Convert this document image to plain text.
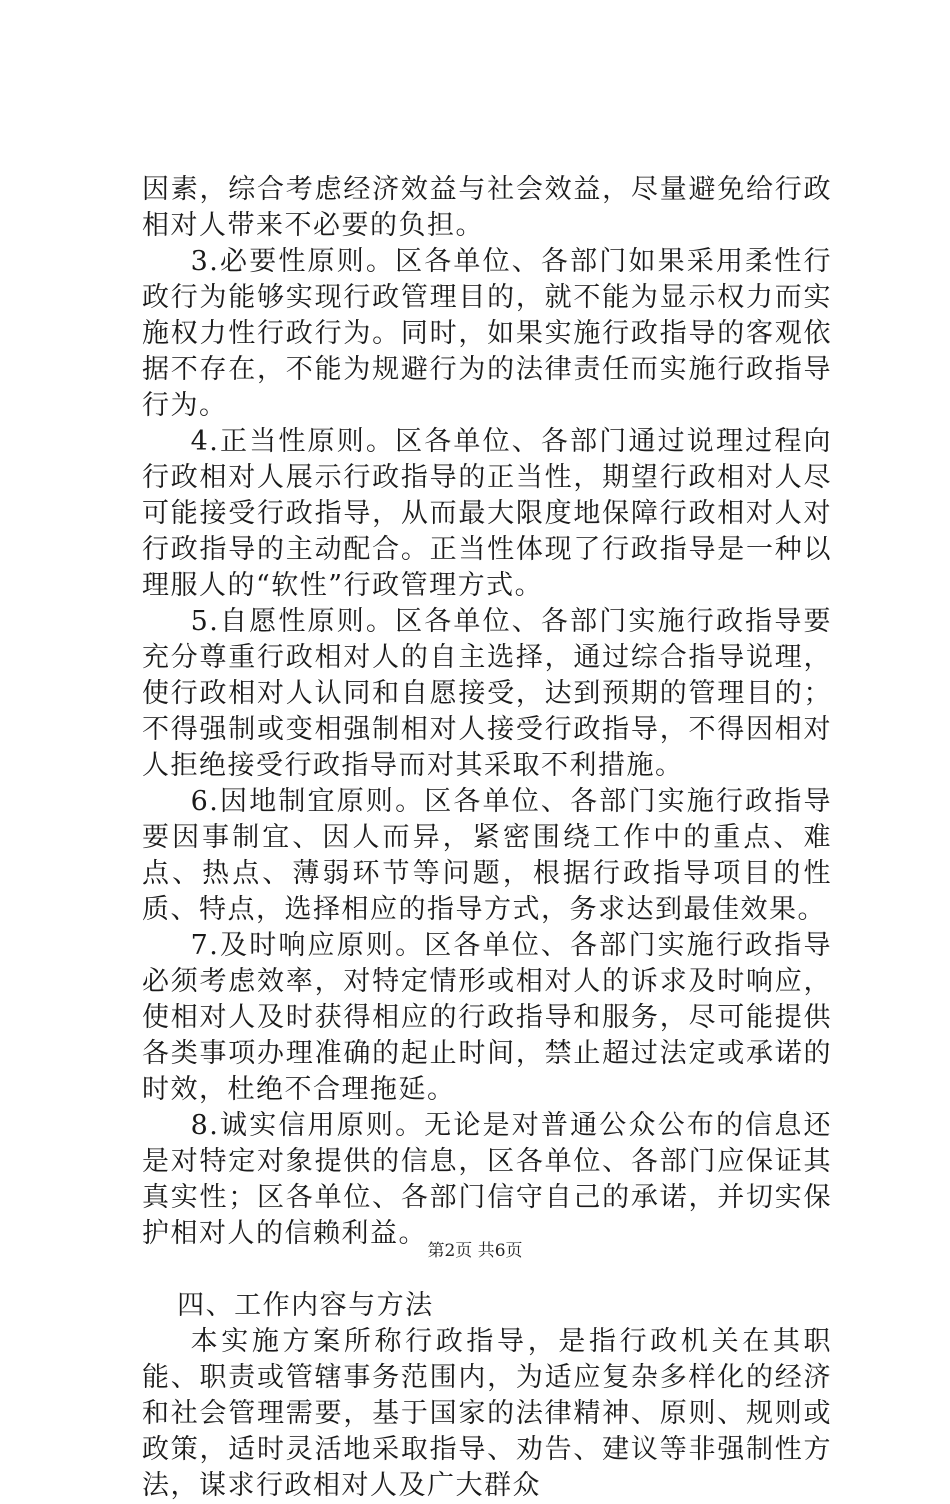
因素，综合考虑经济效益与社会效益，尽量避免给行政相对人带来不必要的负担。

3.必要性原则。区各单位、各部门如果采用柔性行政行为能够实现行政管理目的，就不能为显示权力而实施权力性行政行为。同时，如果实施行政指导的客观依据不存在，不能为规避行为的法律责任而实施行政指导行为。

4.正当性原则。区各单位、各部门通过说理过程向行政相对人展示行政指导的正当性，期望行政相对人尽可能接受行政指导，从而最大限度地保障行政相对人对行政指导的主动配合。正当性体现了行政指导是一种以理服人的“软性”行政管理方式。

5.自愿性原则。区各单位、各部门实施行政指导要充分尊重行政相对人的自主选择，通过综合指导说理，使行政相对人认同和自愿接受，达到预期的管理目的；不得强制或变相强制相对人接受行政指导，不得因相对人拒绝接受行政指导而对其采取不利措施。

6.因地制宜原则。区各单位、各部门实施行政指导要因事制宜、因人而异，紧密围绕工作中的重点、难点、热点、薄弱环节等问题，根据行政指导项目的性质、特点，选择相应的指导方式，务求达到最佳效果。

7.及时响应原则。区各单位、各部门实施行政指导必须考虑效率，对特定情形或相对人的诉求及时响应，使相对人及时获得相应的行政指导和服务，尽可能提供各类事项办理准确的起止时间，禁止超过法定或承诺的时效，杜绝不合理拖延。

8.诚实信用原则。无论是对普通公众公布的信息还是对特定对象提供的信息，区各单位、各部门应保证其真实性；区各单位、各部门信守自己的承诺，并切实保护相对人的信赖利益。

四、工作内容与方法

本实施方案所称行政指导，是指行政机关在其职能、职责或管辖事务范围内，为适应复杂多样化的经济和社会管理需要，基于国家的法律精神、原则、规则或政策，适时灵活地采取指导、劝告、建议等非强制性方法，谋求行政相对人及广大群众

第2页 共6页
